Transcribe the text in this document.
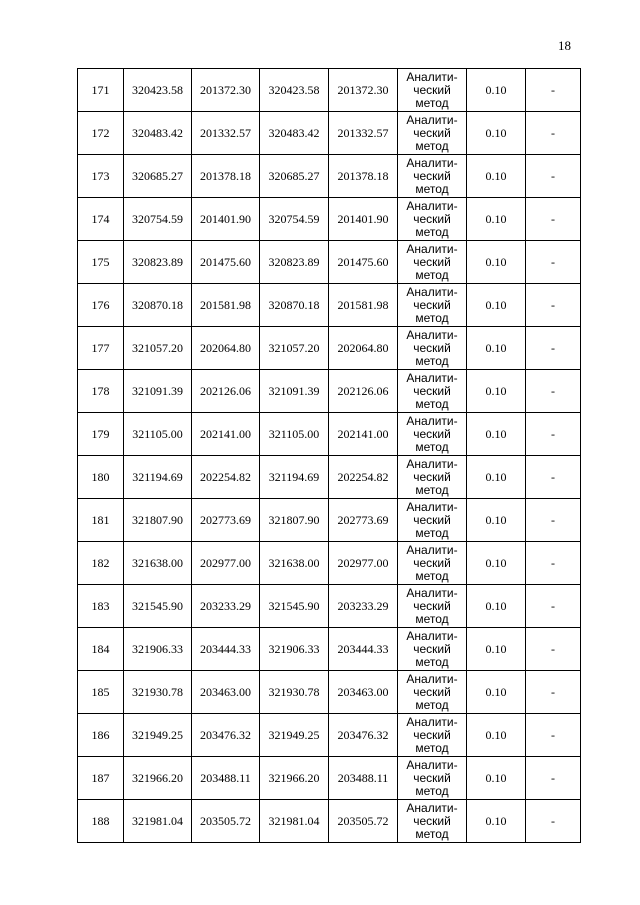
18
171	320423.58	201372.30	320423.58	201372.30	Аналити-
ческий
метод	0.10	-
172	320483.42	201332.57	320483.42	201332.57	Аналити-
ческий
метод	0.10	-
173	320685.27	201378.18	320685.27	201378.18	Аналити-
ческий
метод	0.10	-
174	320754.59	201401.90	320754.59	201401.90	Аналити-
ческий
метод	0.10	-
175	320823.89	201475.60	320823.89	201475.60	Аналити-
ческий
метод	0.10	-
176	320870.18	201581.98	320870.18	201581.98	Аналити-
ческий
метод	0.10	-
177	321057.20	202064.80	321057.20	202064.80	Аналити-
ческий
метод	0.10	-
178	321091.39	202126.06	321091.39	202126.06	Аналити-
ческий
метод	0.10	-
179	321105.00	202141.00	321105.00	202141.00	Аналити-
ческий
метод	0.10	-
180	321194.69	202254.82	321194.69	202254.82	Аналити-
ческий
метод	0.10	-
181	321807.90	202773.69	321807.90	202773.69	Аналити-
ческий
метод	0.10	-
182	321638.00	202977.00	321638.00	202977.00	Аналити-
ческий
метод	0.10	-
183	321545.90	203233.29	321545.90	203233.29	Аналити-
ческий
метод	0.10	-
184	321906.33	203444.33	321906.33	203444.33	Аналити-
ческий
метод	0.10	-
185	321930.78	203463.00	321930.78	203463.00	Аналити-
ческий
метод	0.10	-
186	321949.25	203476.32	321949.25	203476.32	Аналити-
ческий
метод	0.10	-
187	321966.20	203488.11	321966.20	203488.11	Аналити-
ческий
метод	0.10	-
188	321981.04	203505.72	321981.04	203505.72	Аналити-
ческий
метод	0.10	-
